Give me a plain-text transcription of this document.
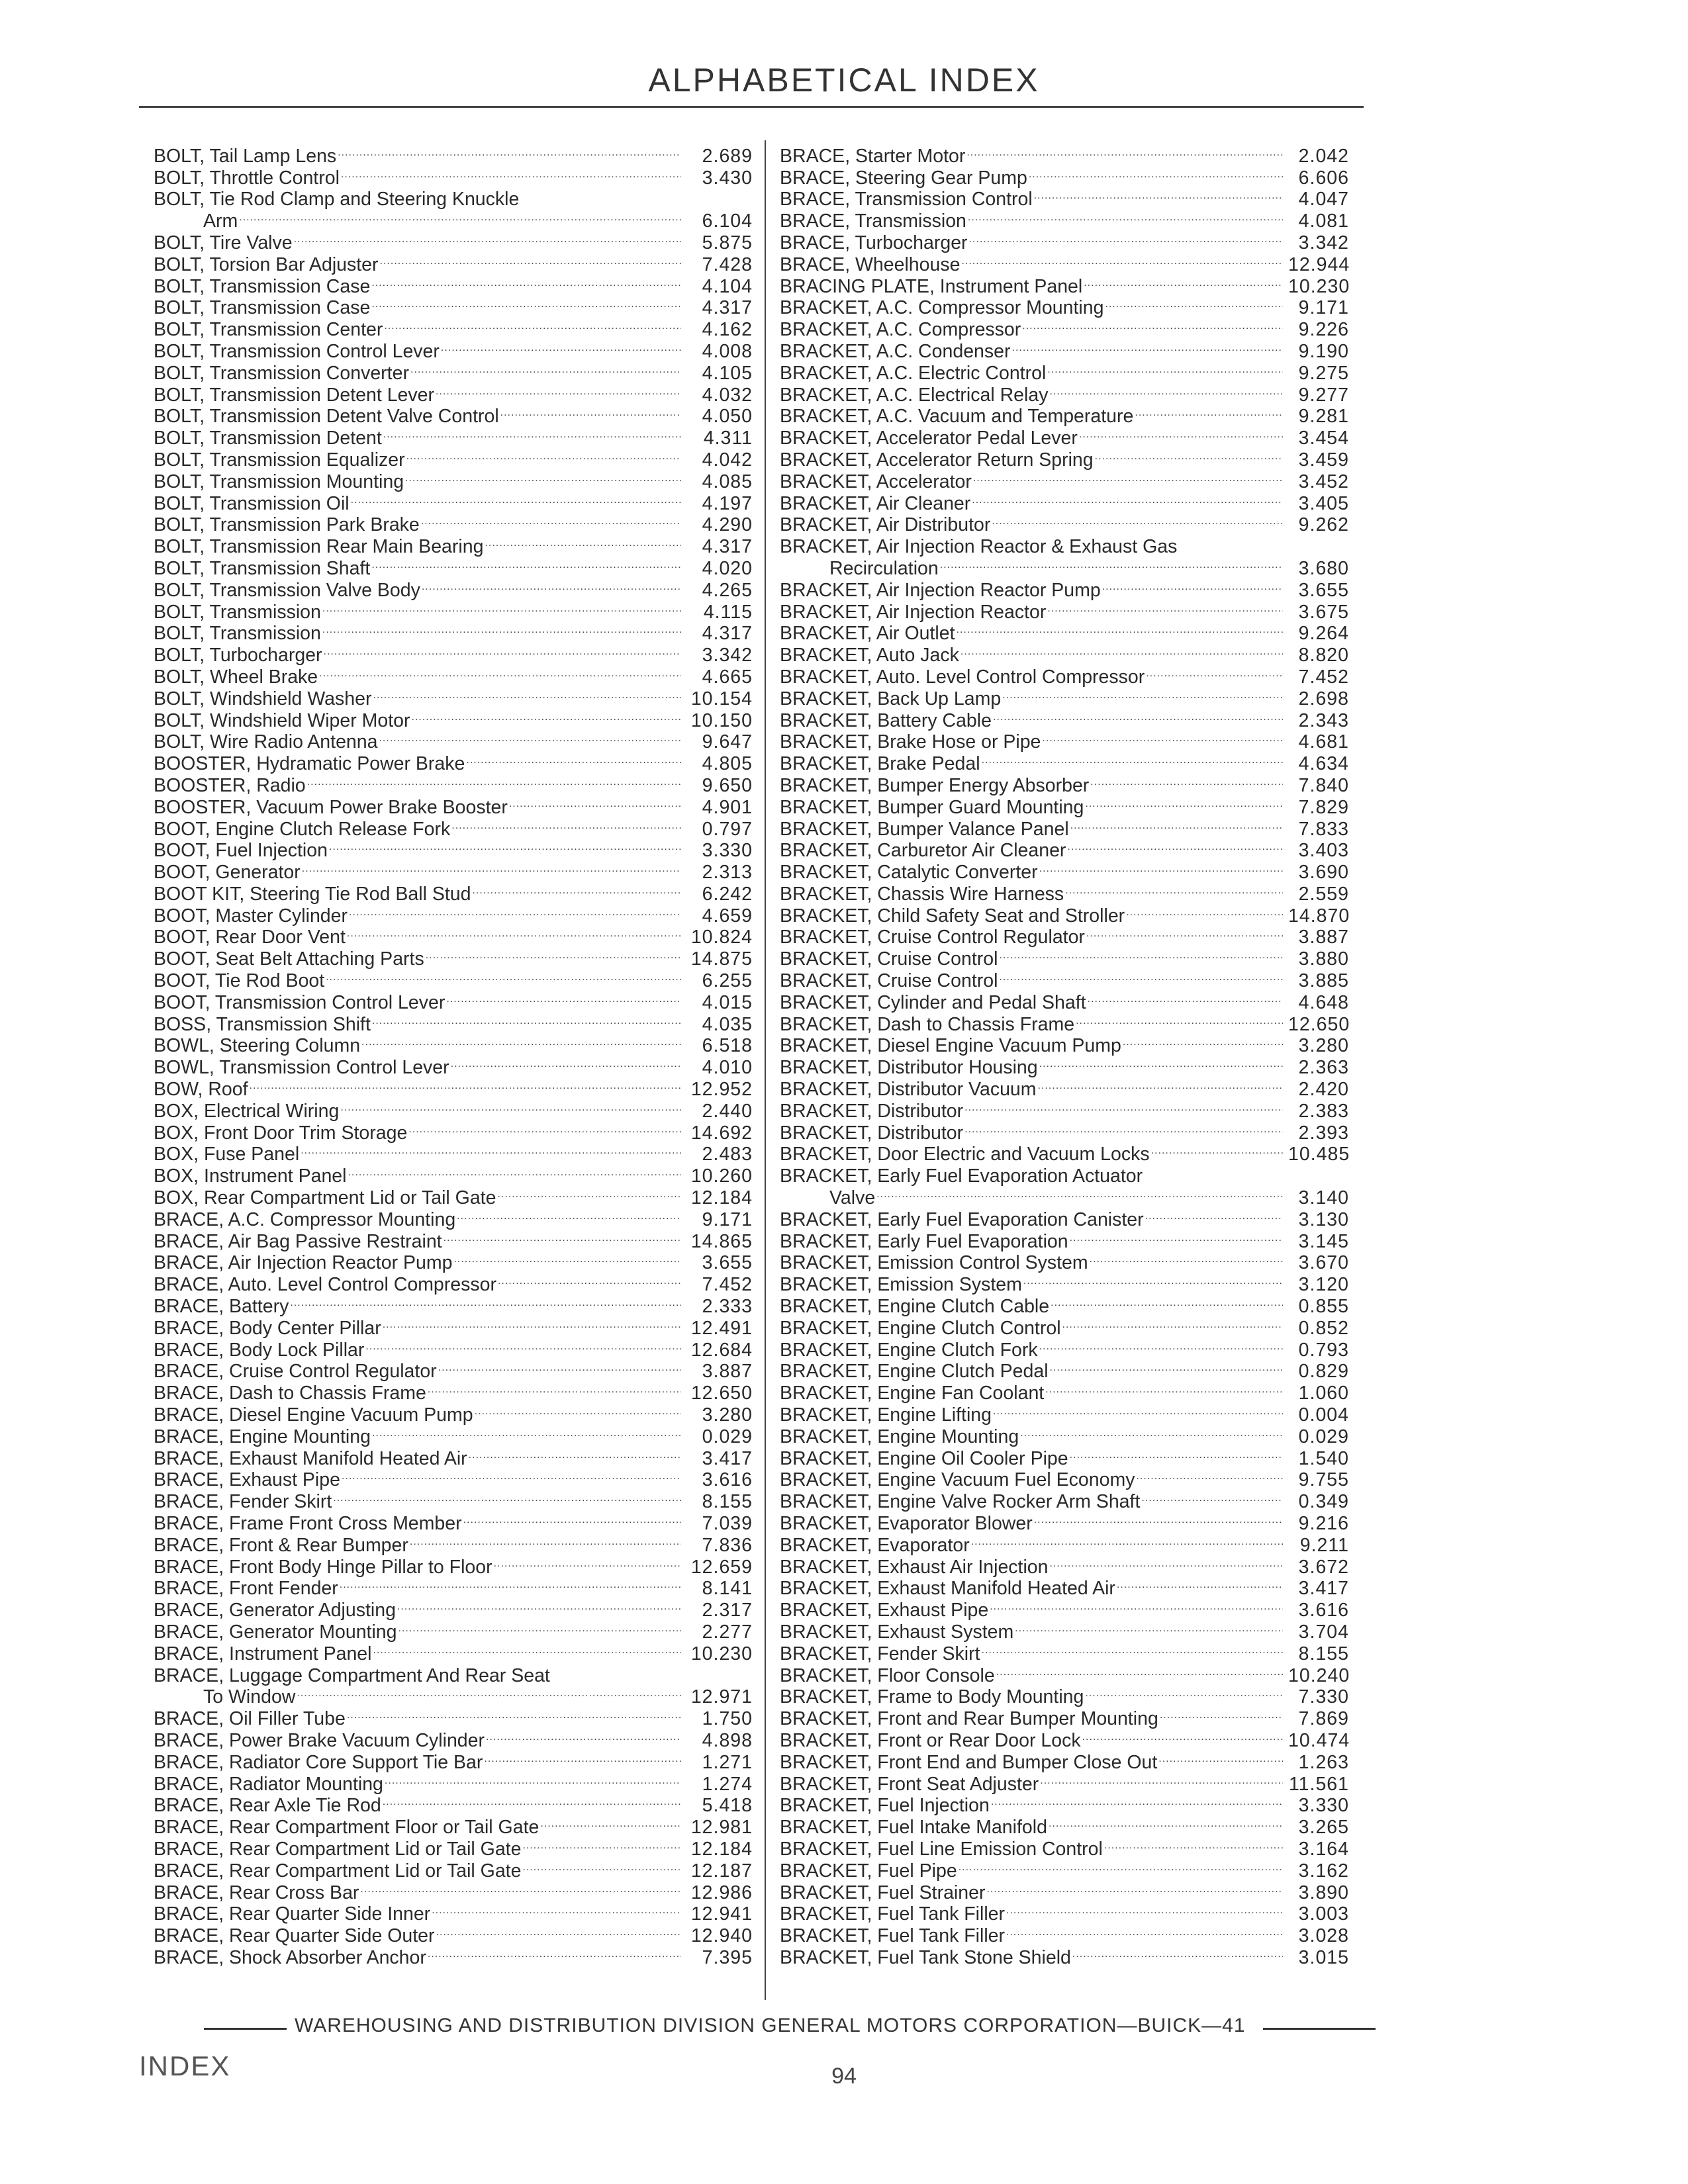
ALPHABETICAL INDEX
BOLT, Tail Lamp Lens .....	2.689
BOLT, Throttle Control .....	3.430
BOLT, Tie Rod Clamp and Steering Knuckle
Arm .....	6.104
BOLT, Tire Valve .....	5.875
BOLT, Torsion Bar Adjuster .....	7.428
BOLT, Transmission Case .....	4.104
BOLT, Transmission Case .....	4.317
BOLT, Transmission Center .....	4.162
BOLT, Transmission Control Lever .....	4.008
BOLT, Transmission Converter .....	4.105
BOLT, Transmission Detent Lever .....	4.032
BOLT, Transmission Detent Valve Control .....	4.050
BOLT, Transmission Detent .....	4.311
BOLT, Transmission Equalizer .....	4.042
BOLT, Transmission Mounting .....	4.085
BOLT, Transmission Oil .....	4.197
BOLT, Transmission Park Brake .....	4.290
BOLT, Transmission Rear Main Bearing .....	4.317
BOLT, Transmission Shaft .....	4.020
BOLT, Transmission Valve Body .....	4.265
BOLT, Transmission .....	4.115
BOLT, Transmission .....	4.317
BOLT, Turbocharger .....	3.342
BOLT, Wheel Brake .....	4.665
BOLT, Windshield Washer .....	10.154
BOLT, Windshield Wiper Motor .....	10.150
BOLT, Wire Radio Antenna .....	9.647
BOOSTER, Hydramatic Power Brake .....	4.805
BOOSTER, Radio .....	9.650
BOOSTER, Vacuum Power Brake Booster .....	4.901
BOOT, Engine Clutch Release Fork .....	0.797
BOOT, Fuel Injection .....	3.330
BOOT, Generator .....	2.313
BOOT KIT, Steering Tie Rod Ball Stud .....	6.242
BOOT, Master Cylinder .....	4.659
BOOT, Rear Door Vent .....	10.824
BOOT, Seat Belt Attaching Parts .....	14.875
BOOT, Tie Rod Boot .....	6.255
BOOT, Transmission Control Lever .....	4.015
BOSS, Transmission Shift .....	4.035
BOWL, Steering Column .....	6.518
BOWL, Transmission Control Lever .....	4.010
BOW, Roof .....	12.952
BOX, Electrical Wiring .....	2.440
BOX, Front Door Trim Storage .....	14.692
BOX, Fuse Panel .....	2.483
BOX, Instrument Panel .....	10.260
BOX, Rear Compartment Lid or Tail Gate .....	12.184
BRACE, A.C. Compressor Mounting .....	9.171
BRACE, Air Bag Passive Restraint .....	14.865
BRACE, Air Injection Reactor Pump .....	3.655
BRACE, Auto. Level Control Compressor .....	7.452
BRACE, Battery .....	2.333
BRACE, Body Center Pillar .....	12.491
BRACE, Body Lock Pillar .....	12.684
BRACE, Cruise Control Regulator .....	3.887
BRACE, Dash to Chassis Frame .....	12.650
BRACE, Diesel Engine Vacuum Pump .....	3.280
BRACE, Engine Mounting .....	0.029
BRACE, Exhaust Manifold Heated Air .....	3.417
BRACE, Exhaust Pipe .....	3.616
BRACE, Fender Skirt .....	8.155
BRACE, Frame Front Cross Member .....	7.039
BRACE, Front & Rear Bumper .....	7.836
BRACE, Front Body Hinge Pillar to Floor .....	12.659
BRACE, Front Fender .....	8.141
BRACE, Generator Adjusting .....	2.317
BRACE, Generator Mounting .....	2.277
BRACE, Instrument Panel .....	10.230
BRACE, Luggage Compartment And Rear Seat
To Window .....	12.971
BRACE, Oil Filler Tube .....	1.750
BRACE, Power Brake Vacuum Cylinder .....	4.898
BRACE, Radiator Core Support Tie Bar .....	1.271
BRACE, Radiator Mounting .....	1.274
BRACE, Rear Axle Tie Rod .....	5.418
BRACE, Rear Compartment Floor or Tail Gate .....	12.981
BRACE, Rear Compartment Lid or Tail Gate .....	12.184
BRACE, Rear Compartment Lid or Tail Gate .....	12.187
BRACE, Rear Cross Bar .....	12.986
BRACE, Rear Quarter Side Inner .....	12.941
BRACE, Rear Quarter Side Outer .....	12.940
BRACE, Shock Absorber Anchor .....	7.395
BRACE, Starter Motor .....	2.042
BRACE, Steering Gear Pump .....	6.606
BRACE, Transmission Control .....	4.047
BRACE, Transmission .....	4.081
BRACE, Turbocharger .....	3.342
BRACE, Wheelhouse .....	12.944
BRACING PLATE, Instrument Panel .....	10.230
BRACKET, A.C. Compressor Mounting .....	9.171
BRACKET, A.C. Compressor .....	9.226
BRACKET, A.C. Condenser .....	9.190
BRACKET, A.C. Electric Control .....	9.275
BRACKET, A.C. Electrical Relay .....	9.277
BRACKET, A.C. Vacuum and Temperature .....	9.281
BRACKET, Accelerator Pedal Lever .....	3.454
BRACKET, Accelerator Return Spring .....	3.459
BRACKET, Accelerator .....	3.452
BRACKET, Air Cleaner .....	3.405
BRACKET, Air Distributor .....	9.262
BRACKET, Air Injection Reactor & Exhaust Gas
Recirculation .....	3.680
BRACKET, Air Injection Reactor Pump .....	3.655
BRACKET, Air Injection Reactor .....	3.675
BRACKET, Air Outlet .....	9.264
BRACKET, Auto Jack .....	8.820
BRACKET, Auto. Level Control Compressor .....	7.452
BRACKET, Back Up Lamp .....	2.698
BRACKET, Battery Cable .....	2.343
BRACKET, Brake Hose or Pipe .....	4.681
BRACKET, Brake Pedal .....	4.634
BRACKET, Bumper Energy Absorber .....	7.840
BRACKET, Bumper Guard Mounting .....	7.829
BRACKET, Bumper Valance Panel .....	7.833
BRACKET, Carburetor Air Cleaner .....	3.403
BRACKET, Catalytic Converter .....	3.690
BRACKET, Chassis Wire Harness .....	2.559
BRACKET, Child Safety Seat and Stroller .....	14.870
BRACKET, Cruise Control Regulator .....	3.887
BRACKET, Cruise Control .....	3.880
BRACKET, Cruise Control .....	3.885
BRACKET, Cylinder and Pedal Shaft .....	4.648
BRACKET, Dash to Chassis Frame .....	12.650
BRACKET, Diesel Engine Vacuum Pump .....	3.280
BRACKET, Distributor Housing .....	2.363
BRACKET, Distributor Vacuum .....	2.420
BRACKET, Distributor .....	2.383
BRACKET, Distributor .....	2.393
BRACKET, Door Electric and Vacuum Locks .....	10.485
BRACKET, Early Fuel Evaporation Actuator
Valve .....	3.140
BRACKET, Early Fuel Evaporation Canister .....	3.130
BRACKET, Early Fuel Evaporation .....	3.145
BRACKET, Emission Control System .....	3.670
BRACKET, Emission System .....	3.120
BRACKET, Engine Clutch Cable .....	0.855
BRACKET, Engine Clutch Control .....	0.852
BRACKET, Engine Clutch Fork .....	0.793
BRACKET, Engine Clutch Pedal .....	0.829
BRACKET, Engine Fan Coolant .....	1.060
BRACKET, Engine Lifting .....	0.004
BRACKET, Engine Mounting .....	0.029
BRACKET, Engine Oil Cooler Pipe .....	1.540
BRACKET, Engine Vacuum Fuel Economy .....	9.755
BRACKET, Engine Valve Rocker Arm Shaft .....	0.349
BRACKET, Evaporator Blower .....	9.216
BRACKET, Evaporator .....	9.211
BRACKET, Exhaust Air Injection .....	3.672
BRACKET, Exhaust Manifold Heated Air .....	3.417
BRACKET, Exhaust Pipe .....	3.616
BRACKET, Exhaust System .....	3.704
BRACKET, Fender Skirt .....	8.155
BRACKET, Floor Console .....	10.240
BRACKET, Frame to Body Mounting .....	7.330
BRACKET, Front and Rear Bumper Mounting .....	7.869
BRACKET, Front or Rear Door Lock .....	10.474
BRACKET, Front End and Bumper Close Out .....	1.263
BRACKET, Front Seat Adjuster .....	11.561
BRACKET, Fuel Injection .....	3.330
BRACKET, Fuel Intake Manifold .....	3.265
BRACKET, Fuel Line Emission Control .....	3.164
BRACKET, Fuel Pipe .....	3.162
BRACKET, Fuel Strainer .....	3.890
BRACKET, Fuel Tank Filler .....	3.003
BRACKET, Fuel Tank Filler .....	3.028
BRACKET, Fuel Tank Stone Shield .....	3.015
WAREHOUSING AND DISTRIBUTION DIVISION GENERAL MOTORS CORPORATION—BUICK—41
INDEX	94
